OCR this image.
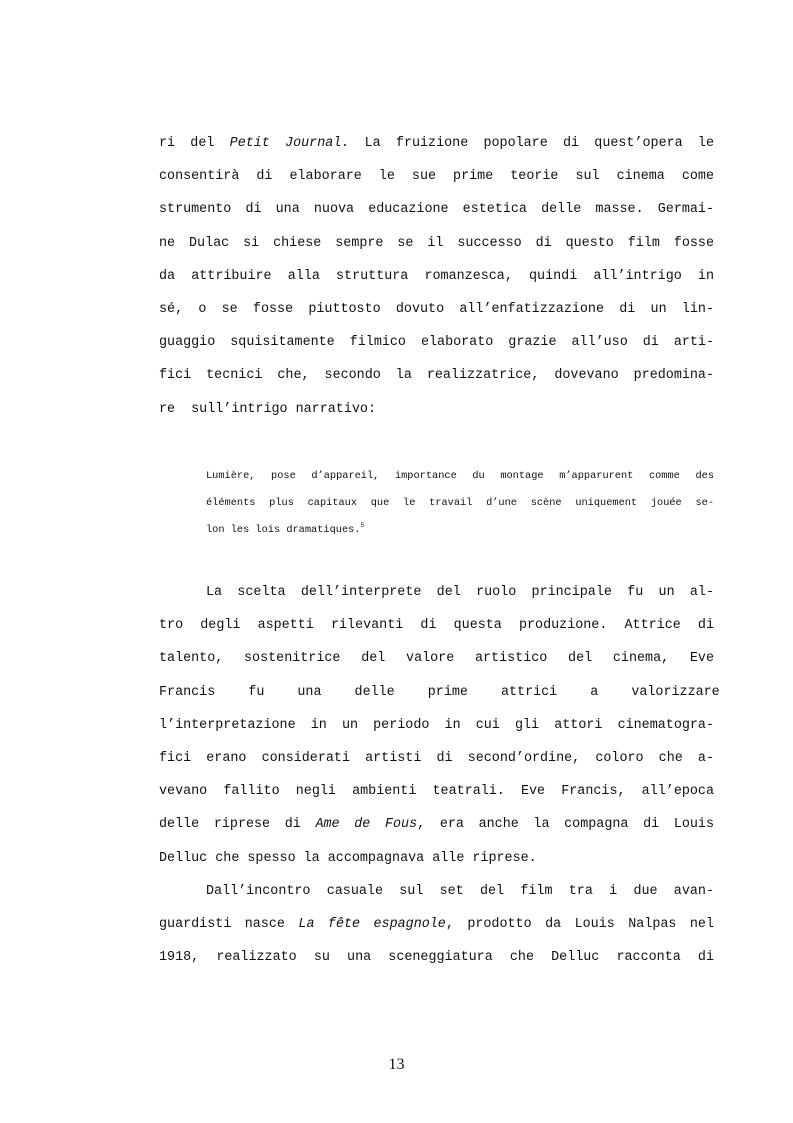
ri del Petit Journal. La fruizione popolare di quest’opera le
consentirà di elaborare le sue prime teorie sul cinema come
strumento di una nuova educazione estetica delle masse. Germai-
ne Dulac si chiese sempre se il successo di questo film fosse
da attribuire alla struttura romanzesca, quindi all’intrigo in
sé, o se fosse piuttosto dovuto all’enfatizzazione di un lin-
guaggio squisitamente filmico elaborato grazie all’uso di arti-
fici tecnici che, secondo la realizzatrice, dovevano predomina-
re  sull’intrigo narrativo:
Lumière, pose d’appareil, importance du montage m’apparurent comme des
éléments plus capitaux que le travail d’une scène uniquement jouée se-
lon les lois dramatiques.$^5$
La scelta dell’interprete del ruolo principale fu un al-
tro degli aspetti rilevanti di questa produzione. Attrice di
talento, sostenitrice del valore artistico del cinema, Eve
Francis fu una delle prime attrici a valorizzare
l’interpretazione in un periodo in cui gli attori cinematogra-
fici erano considerati artisti di second’ordine, coloro che a-
vevano fallito negli ambienti teatrali. Eve Francis, all’epoca
delle riprese di Ame de Fous, era anche la compagna di Louis
Delluc che spesso la accompagnava alle riprese.
Dall’incontro casuale sul set del film tra i due avan-
guardisti nasce La fête espagnole, prodotto da Louis Nalpas nel
1918, realizzato su una sceneggiatura che Delluc racconta di
13
